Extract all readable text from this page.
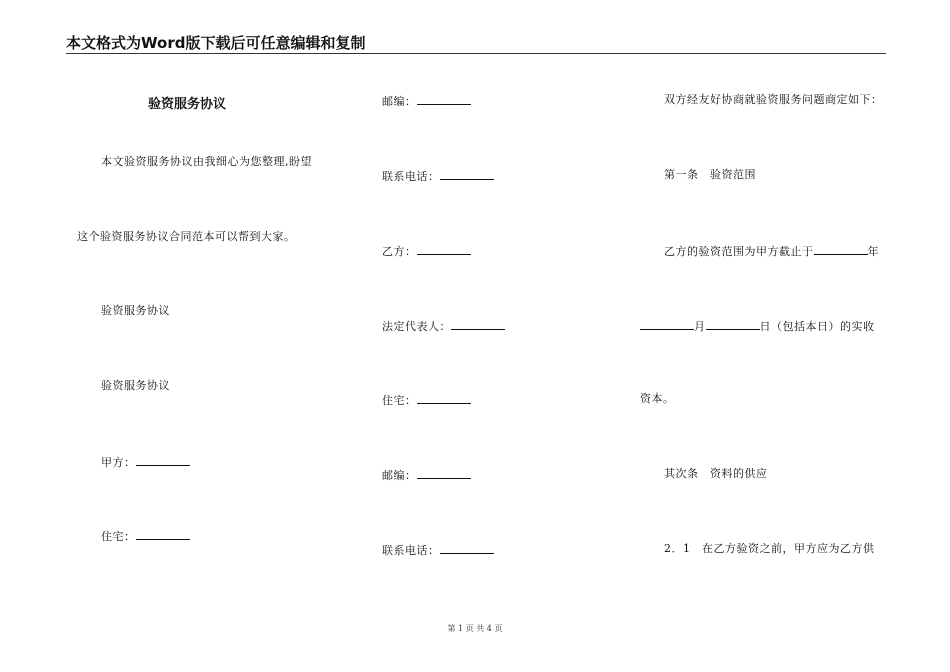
本文格式为Word版下载后可任意编辑和复制
验资服务协议
本文验资服务协议由我细心为您整理,盼望
这个验资服务协议合同范本可以帮到大家。
验资服务协议
验资服务协议
甲方：
住宅：
邮编：
联系电话：
乙方：
法定代表人：
住宅：
邮编：
联系电话：
双方经友好协商就验资服务问题商定如下：
第一条　验资范围
乙方的验资范围为甲方截止于	年
月	日（包括本日）的实收
资本。
其次条　资料的供应
2．1　在乙方验资之前，甲方应为乙方供
第 1 页 共 4 页
